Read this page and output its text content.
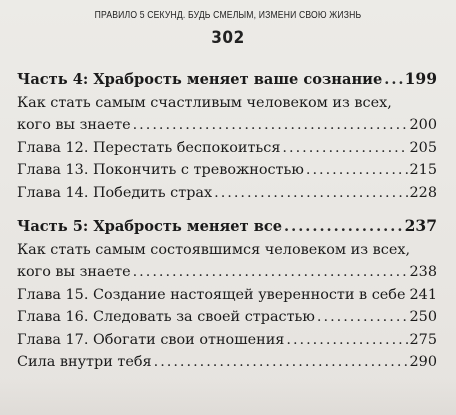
ПРАВИЛО 5 СЕКУНД. БУДЬ СМЕЛЫМ, ИЗМЕНИ СВОЮ ЖИЗНЬ
302
Часть 4: Храбрость меняет ваше сознание ..... 199
Как стать самым счастливым человеком из всех,
кого вы знаете .....	200
Глава 12. Перестать беспокоиться .....	205
Глава 13. Покончить с тревожностью .....	215
Глава 14. Победить страх .....	228
Часть 5: Храбрость меняет все .....	237
Как стать самым состоявшимся человеком из всех,
кого вы знаете .....	238
Глава 15. Создание настоящей уверенности в себе ..... 241
Глава 16. Следовать за своей страстью .....	250
Глава 17. Обогати свои отношения .....	275
Сила внутри тебя .....	290
